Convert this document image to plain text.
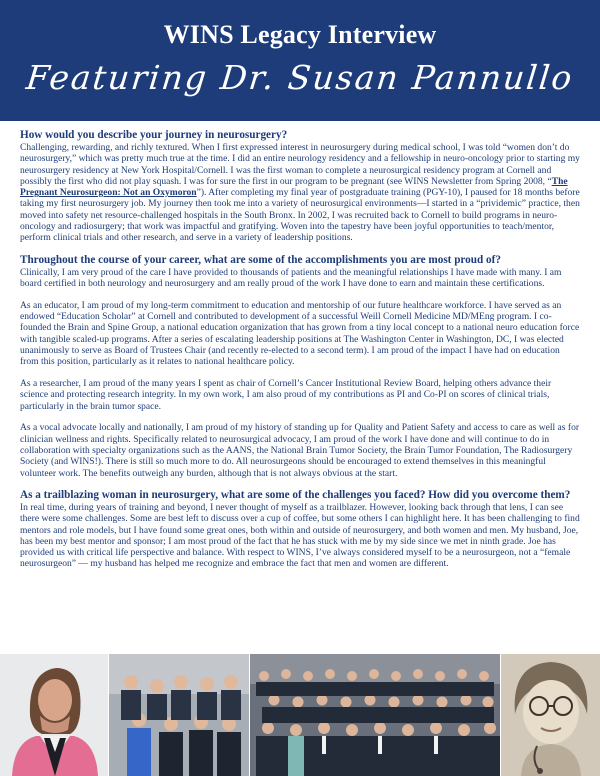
WINS Legacy Interview
Featuring Dr. Susan Pannullo
How would you describe your journey in neurosurgery?
Challenging, rewarding, and richly textured. When I first expressed interest in neurosurgery during medical school, I was told “women don’t do neurosurgery,” which was pretty much true at the time. I did an entire neurology residency and a fellowship in neuro-oncology prior to starting my neurosurgery residency at New York Hospital/Cornell. I was the first woman to complete a neurosurgical residency program at Cornell and possibly the first who did not play squash. I was for sure the first in our program to be pregnant (see WINS Newsletter from Spring 2008, “The Pregnant Neurosurgeon: Not an Oxymoron”). After completing my final year of postgraduate training (PGY-10), I paused for 18 months before taking my first neurosurgery job. My journey then took me into a variety of neurosurgical environments—I started in a “prividemic” practice, then moved into safety net resource-challenged hospitals in the South Bronx. In 2002, I was recruited back to Cornell to build programs in neuro-oncology and radiosurgery; that work was impactful and gratifying. Woven into the tapestry have been joyful opportunities to teach/mentor, perform clinical trials and other research, and serve in a variety of leadership positions.
Throughout the course of your career, what are some of the accomplishments you are most proud of?
Clinically, I am very proud of the care I have provided to thousands of patients and the meaningful relationships I have made with many. I am board certified in both neurology and neurosurgery and am really proud of the work I have done to earn and maintain these certifications.
As an educator, I am proud of my long-term commitment to education and mentorship of our future healthcare workforce. I have served as an endowed “Education Scholar” at Cornell and contributed to development of a successful Weill Cornell Medicine MD/MEng program. I co-founded the Brain and Spine Group, a national education organization that has grown from a tiny local concept to a national neuro education force with tangible scaled-up programs. After a series of escalating leadership positions at The Washington Center in Washington, DC, I was elected unanimously to serve as Board of Trustees Chair (and recently re-elected to a second term). I am proud of the impact I have had on education from this position, particularly as it relates to national healthcare policy.
As a researcher, I am proud of the many years I spent as chair of Cornell’s Cancer Institutional Review Board, helping others advance their science and protecting research integrity. In my own work, I am also proud of my contributions as PI and Co-PI on scores of clinical trials, particularly in the brain tumor space.
As a vocal advocate locally and nationally, I am proud of my history of standing up for Quality and Patient Safety and access to care as well as for clinician wellness and rights. Specifically related to neurosurgical advocacy, I am proud of the work I have done and will continue to do in collaboration with specialty organizations such as the AANS, the National Brain Tumor Society, the Brain Tumor Foundation, The Radiosurgery Society (and WINS!). There is still so much more to do. All neurosurgeons should be encouraged to extend themselves in this meaningful volunteer work. The benefits outweigh any burden, although that is not always obvious at the start.
As a trailblazing woman in neurosurgery, what are some of the challenges you faced? How did you overcome them?
In real time, during years of training and beyond, I never thought of myself as a trailblazer. However, looking back through that lens, I can see there were some challenges. Some are best left to discuss over a cup of coffee, but some others I can highlight here. It has been challenging to find mentors and role models, but I have found some great ones, both within and outside of neurosurgery, and both women and men. My husband, Joe, has been my best mentor and sponsor; I am most proud of the fact that he has stuck with me by my side since we met in ninth grade. Joe has provided us with critical life perspective and balance. With respect to WINS, I’ve always considered myself to be a neurosurgeon, not a “female neurosurgeon” — my husband has helped me recognize and embrace the fact that men and women are different.
